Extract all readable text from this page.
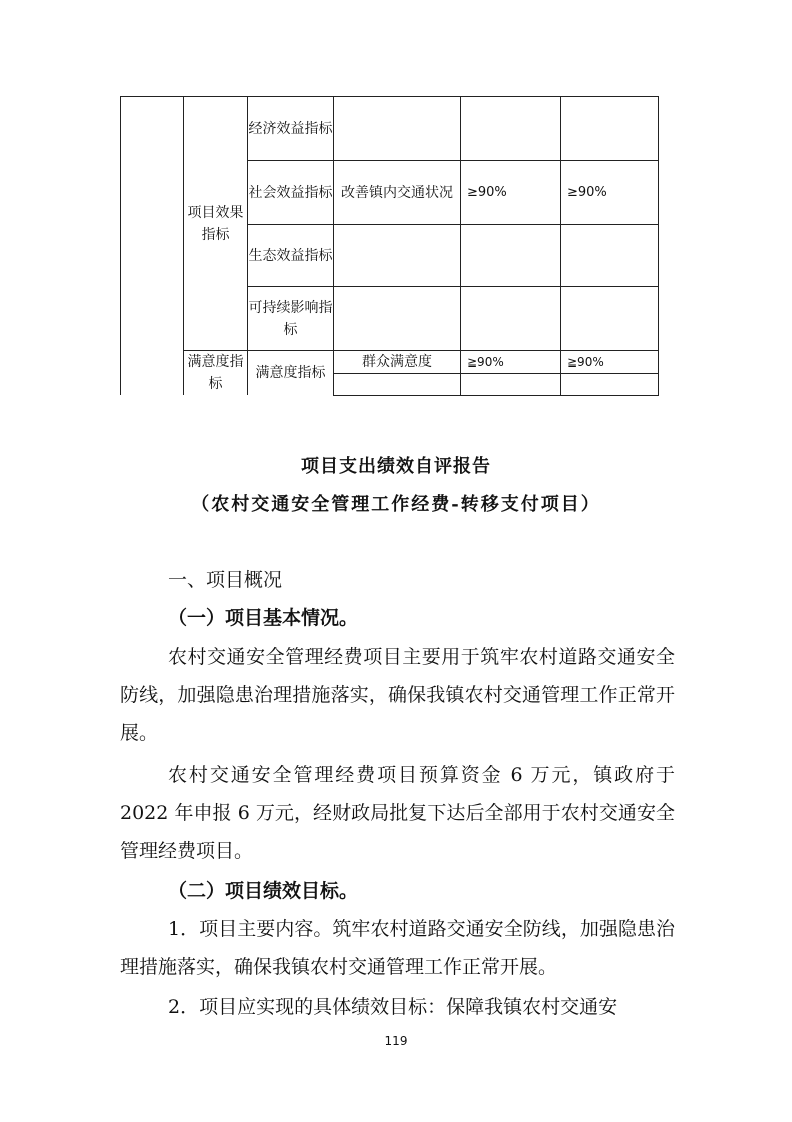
	项目效果指标	经济效益指标			
		社会效益指标	改善镇内交通状况	≥90%	≥90%
		生态效益指标			
		可持续影响指标			
	满意度指标	满意度指标	群众满意度	≧90%	≧90%

项目支出绩效自评报告
（农村交通安全管理工作经费-转移支付项目）
一、项目概况
（一）项目基本情况。
农村交通安全管理经费项目主要用于筑牢农村道路交通安全防线，加强隐患治理措施落实，确保我镇农村交通管理工作正常开展。
农村交通安全管理经费项目预算资金 6 万元，镇政府于 2022 年申报 6 万元，经财政局批复下达后全部用于农村交通安全管理经费项目。
（二）项目绩效目标。
1．项目主要内容。筑牢农村道路交通安全防线，加强隐患治理措施落实，确保我镇农村交通管理工作正常开展。
2．项目应实现的具体绩效目标：保障我镇农村交通安
119
